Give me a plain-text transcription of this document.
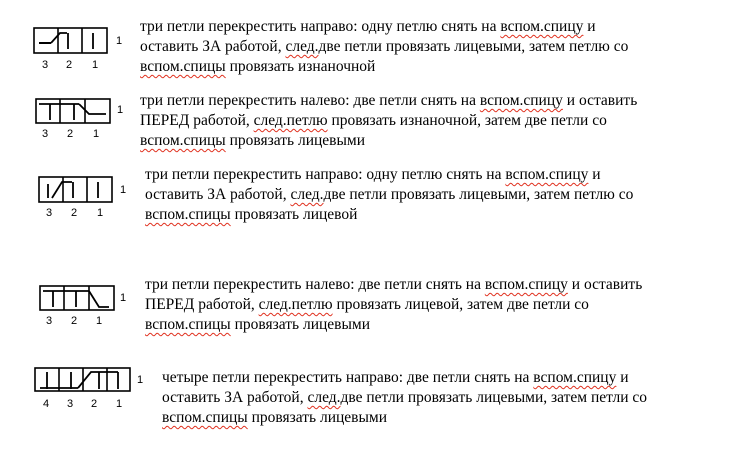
1
3 2 1
три петли перекрестить направо: одну петлю снять на вспом.спицу и
оставить ЗА работой, след.две петли провязать лицевыми, затем петлю со
вспом.спицы провязать изнаночной
1
3 2 1
три петли перекрестить налево: две петли снять на вспом.спицу и оставить
ПЕРЕД работой, след.петлю провязать изнаночной, затем две петли со
вспом.спицы провязать лицевыми
1
3 2 1
три петли перекрестить направо: одну петлю снять на вспом.спицу и
оставить ЗА работой, след.две петли провязать лицевыми, затем петлю со
вспом.спицы провязать лицевой
1
3 2 1
три петли перекрестить налево: две петли снять на вспом.спицу и оставить
ПЕРЕД работой, след.петлю провязать лицевой, затем две петли со
вспом.спицы провязать лицевыми
1
4 3 2 1
четыре петли перекрестить направо: две петли снять на вспом.спицу и
оставить ЗА работой, след.две петли провязать лицевыми, затем петли со
вспом.спицы провязать лицевыми
